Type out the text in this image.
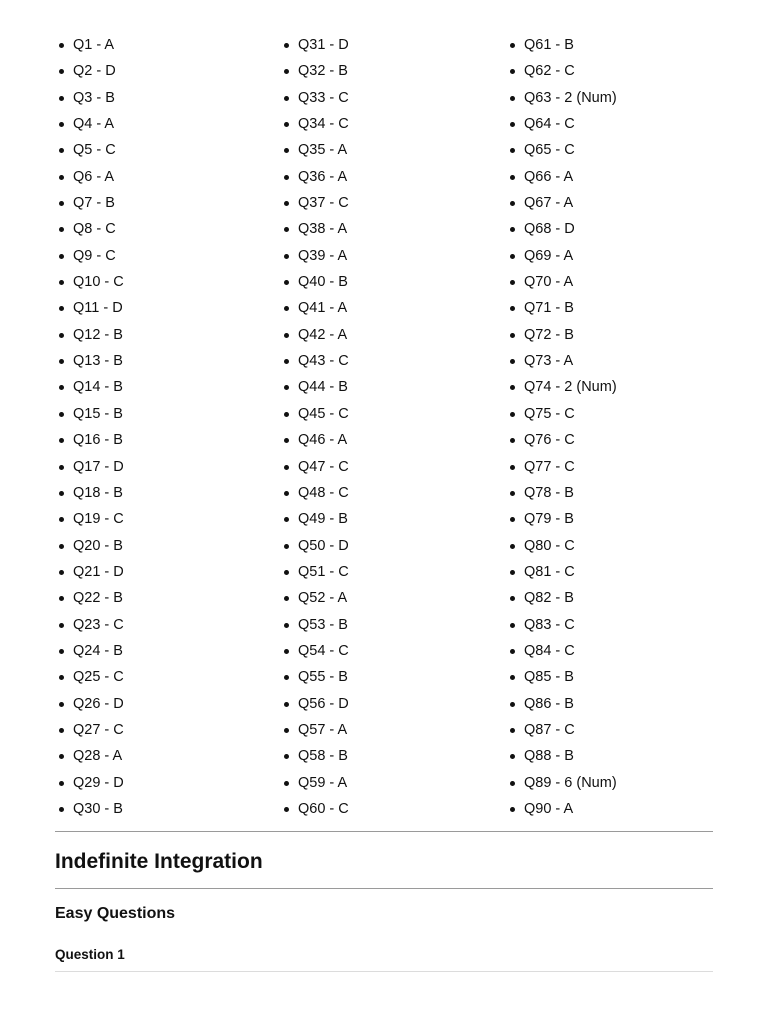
Q1 - A
Q2 - D
Q3 - B
Q4 - A
Q5 - C
Q6 - A
Q7 - B
Q8 - C
Q9 - C
Q10 - C
Q11 - D
Q12 - B
Q13 - B
Q14 - B
Q15 - B
Q16 - B
Q17 - D
Q18 - B
Q19 - C
Q20 - B
Q21 - D
Q22 - B
Q23 - C
Q24 - B
Q25 - C
Q26 - D
Q27 - C
Q28 - A
Q29 - D
Q30 - B
Q31 - D
Q32 - B
Q33 - C
Q34 - C
Q35 - A
Q36 - A
Q37 - C
Q38 - A
Q39 - A
Q40 - B
Q41 - A
Q42 - A
Q43 - C
Q44 - B
Q45 - C
Q46 - A
Q47 - C
Q48 - C
Q49 - B
Q50 - D
Q51 - C
Q52 - A
Q53 - B
Q54 - C
Q55 - B
Q56 - D
Q57 - A
Q58 - B
Q59 - A
Q60 - C
Q61 - B
Q62 - C
Q63 - 2 (Num)
Q64 - C
Q65 - C
Q66 - A
Q67 - A
Q68 - D
Q69 - A
Q70 - A
Q71 - B
Q72 - B
Q73 - A
Q74 - 2 (Num)
Q75 - C
Q76 - C
Q77 - C
Q78 - B
Q79 - B
Q80 - C
Q81 - C
Q82 - B
Q83 - C
Q84 - C
Q85 - B
Q86 - B
Q87 - C
Q88 - B
Q89 - 6 (Num)
Q90 - A
Indefinite Integration
Easy Questions
Question 1
